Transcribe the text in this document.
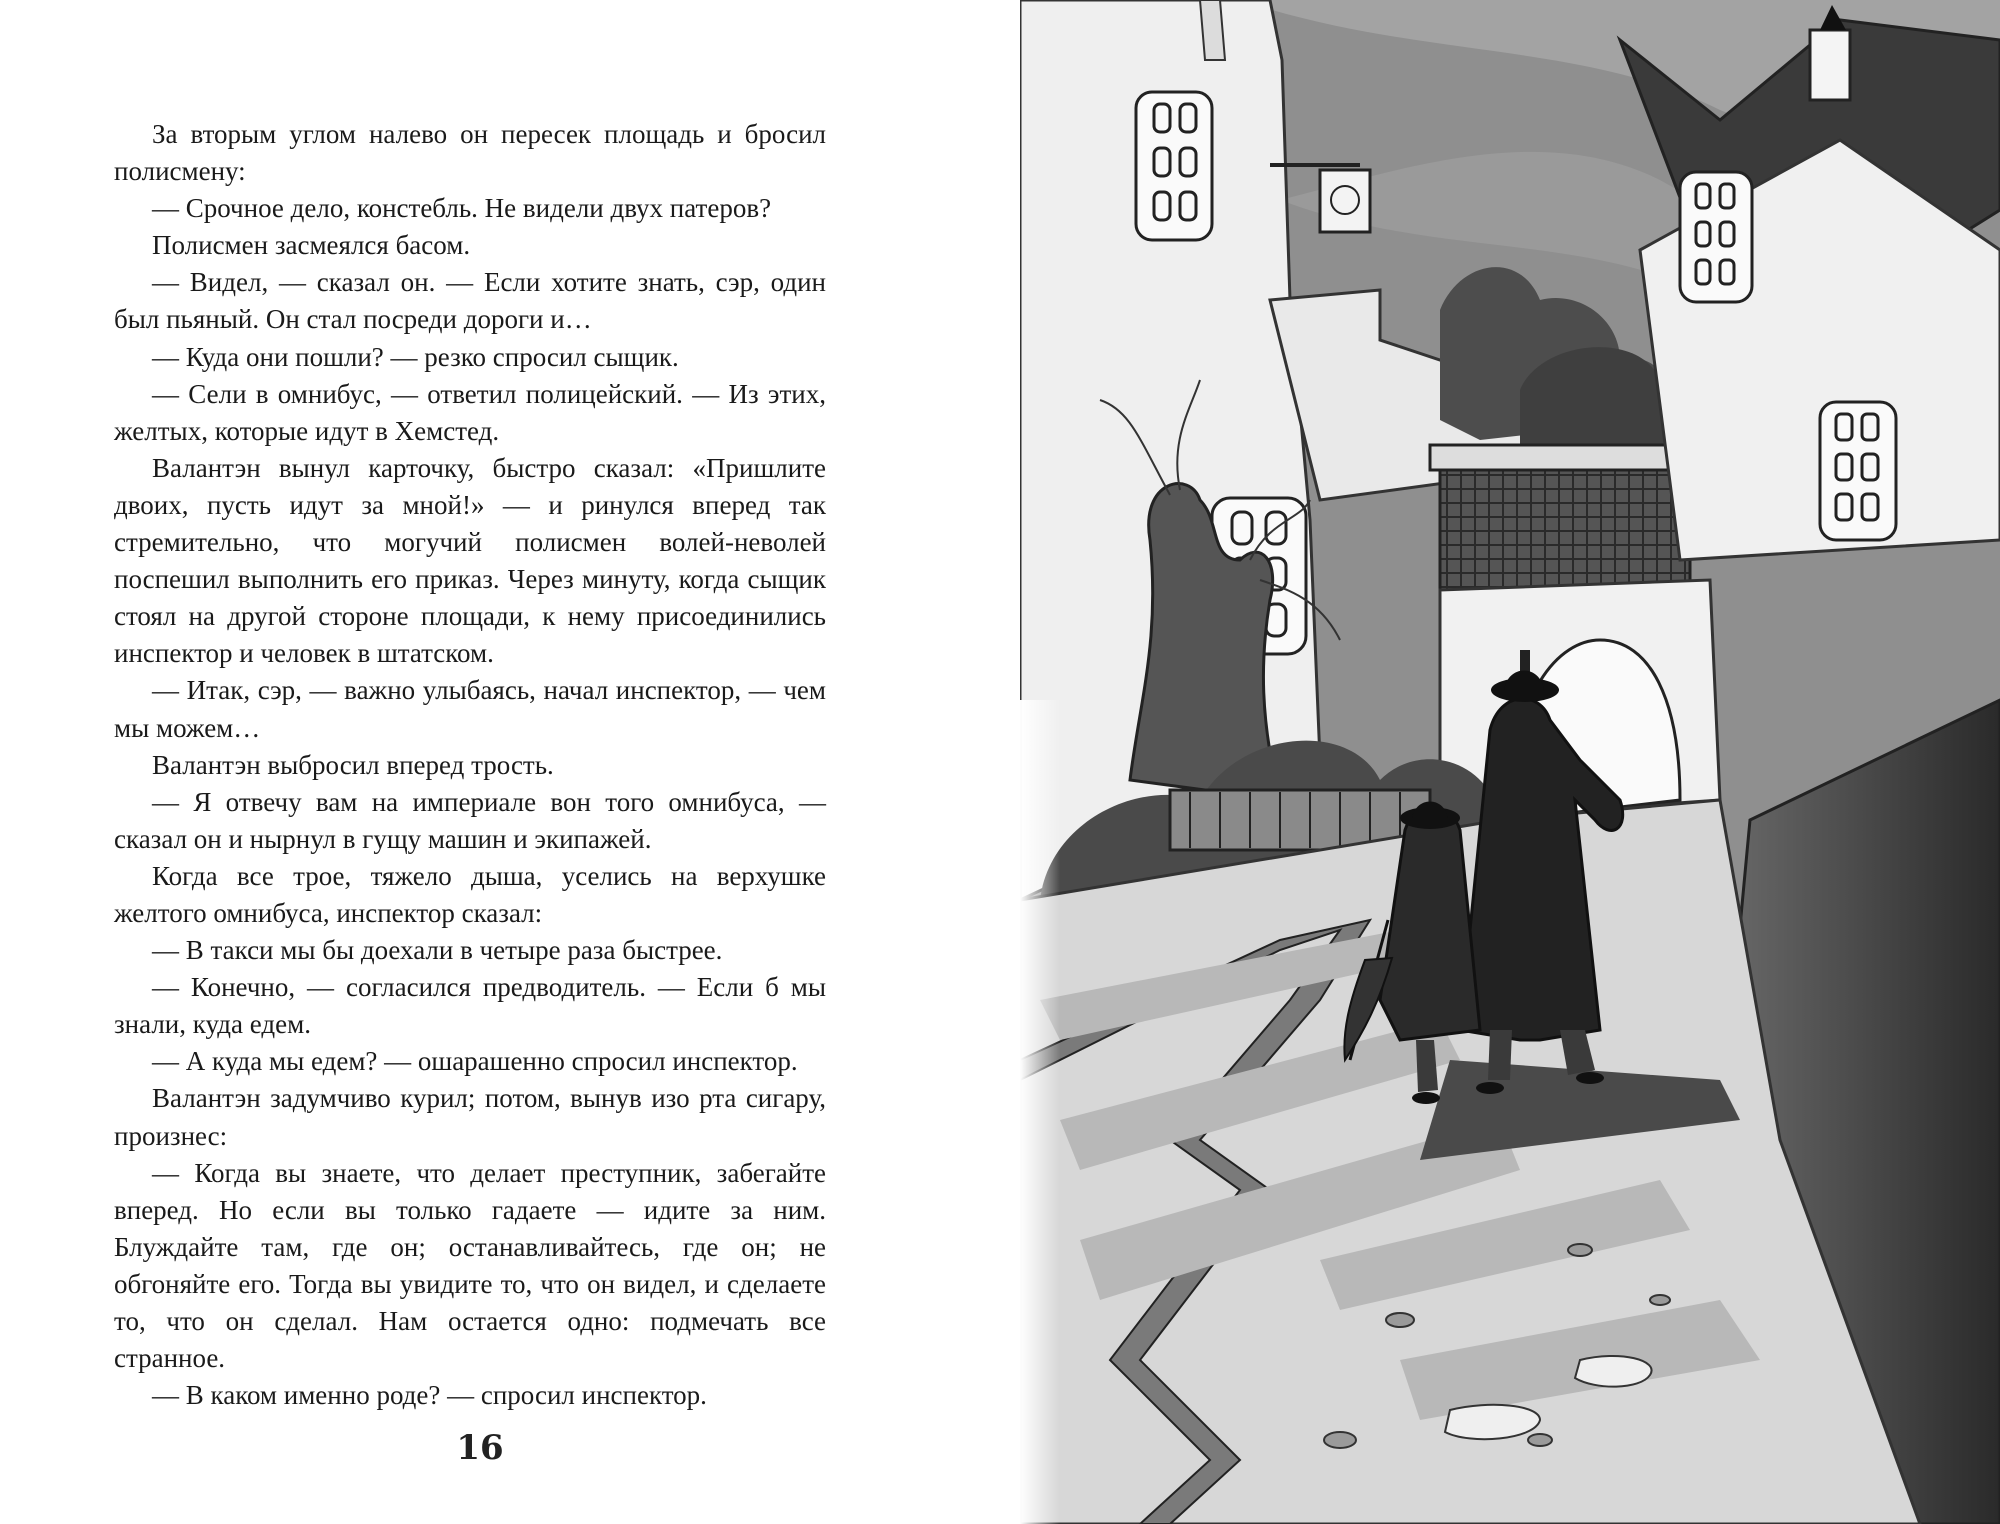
За вторым углом налево он пересек площадь и бросил полисмену:

— Срочное дело, констебль. Не видели двух патеров?

Полисмен засмеялся басом.

— Видел, — сказал он. — Если хотите знать, сэр, один был пьяный. Он стал посреди дороги и…

— Куда они пошли? — резко спросил сыщик.

— Сели в омнибус, — ответил полицейский. — Из этих, желтых, которые идут в Хемстед.

Валантэн вынул карточку, быстро сказал: «Пришлите двоих, пусть идут за мной!» — и ринулся вперед так стремительно, что могучий полисмен волей-неволей поспешил выполнить его приказ. Через минуту, когда сыщик стоял на другой стороне площади, к нему присоединились инспектор и человек в штатском.

— Итак, сэр, — важно улыбаясь, начал инспектор, — чем мы можем…

Валантэн выбросил вперед трость.

— Я отвечу вам на империале вон того омнибуса, — сказал он и нырнул в гущу машин и экипажей.

Когда все трое, тяжело дыша, уселись на верхушке желтого омнибуса, инспектор сказал:

— В такси мы бы доехали в четыре раза быстрее.

— Конечно, — согласился предводитель. — Если б мы знали, куда едем.

— А куда мы едем? — ошарашенно спросил инспектор.

Валантэн задумчиво курил; потом, вынув изо рта сигару, произнес:

— Когда вы знаете, что делает преступник, забегайте вперед. Но если вы только гадаете — идите за ним. Блуждайте там, где он; останавливайтесь, где он; не обгоняйте его. Тогда вы увидите то, что он видел, и сделаете то, что он сделал. Нам остается одно: подмечать все странное.

— В каком именно роде? — спросил инспектор.

16
